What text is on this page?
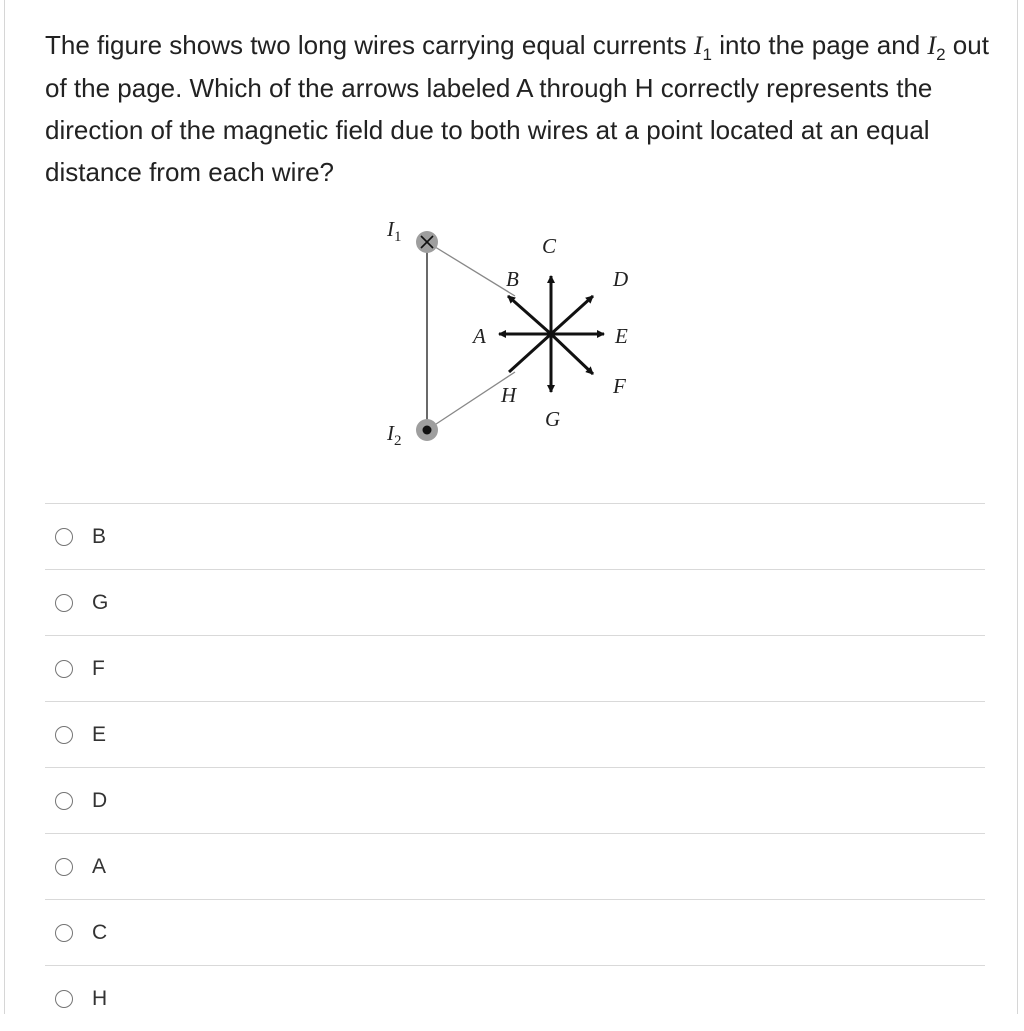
The figure shows two long wires carrying equal currents $I_1$ into the page and $I_2$ out of the page. Which of the arrows labeled A through H correctly represents the direction of the magnetic field due to both wires at a point located at an equal distance from each wire?
$I_1$
$I_2$
A
B
C
D
E
F
G
H
B
G
F
E
D
A
C
H
